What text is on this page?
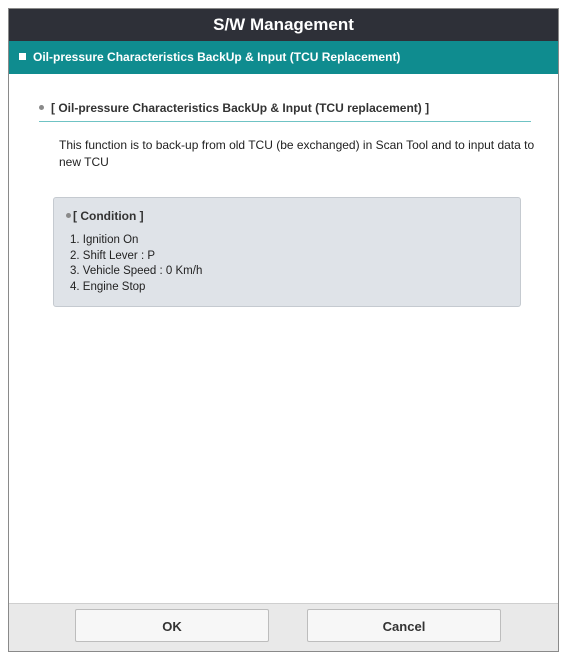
S/W Management
Oil-pressure Characteristics BackUp & Input (TCU Replacement)
[ Oil-pressure Characteristics BackUp & Input (TCU replacement) ]
This function is to back-up from old TCU (be exchanged) in Scan Tool and to input data to new TCU
[ Condition ]
1. Ignition On
2. Shift Lever : P
3. Vehicle Speed : 0 Km/h
4. Engine Stop
OK	Cancel
